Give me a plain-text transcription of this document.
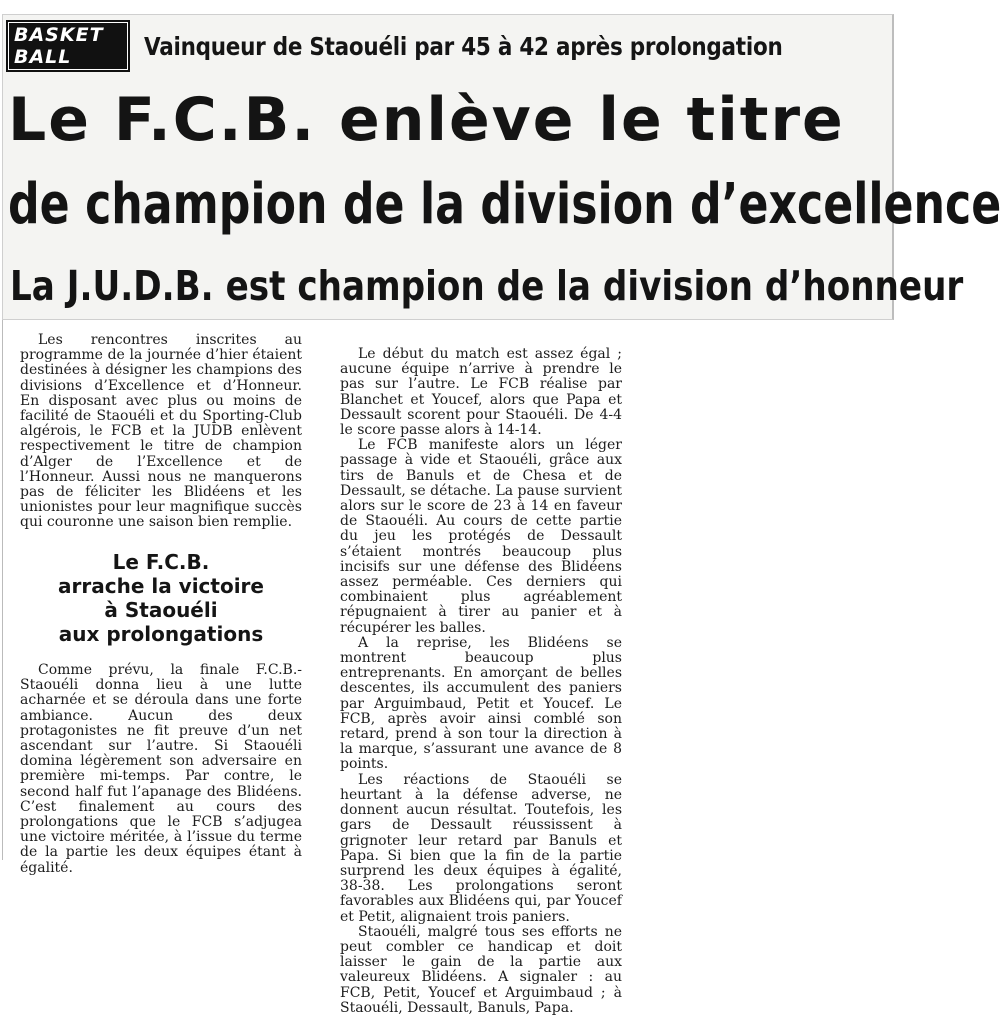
BASKET BALL	Vainqueur de Staouéli par 45 à 42 après prolongation
Le F.C.B. enlève le titre
de champion de la division d’excellence
La J.U.D.B. est champion de la division d’honneur

Les rencontres inscrites au programme de la journée d’hier étaient destinées à désigner les champions des divisions d’Excellence et d’Honneur. En disposant avec plus ou moins de facilité de Staouéli et du Sporting-Club algérois, le FCB et la JUDB enlèvent respectivement le titre de champion d’Alger de l’Excellence et de l’Honneur. Aussi nous ne manquerons pas de féliciter les Blidéens et les unionistes pour leur magnifique succès qui couronne une saison bien remplie.

Le F.C.B.
arrache la victoire
à Staouéli
aux prolongations

Comme prévu, la finale F.C.B.-Staouéli donna lieu à une lutte acharnée et se déroula dans une forte ambiance. Aucun des deux protagonistes ne fit preuve d’un net ascendant sur l’autre. Si Staouéli domina légèrement son adversaire en première mi-temps. Par contre, le second half fut l’apanage des Blidéens. C’est finalement au cours des prolongations que le FCB s’adjugea une victoire méritée, à l’issue du terme de la partie les deux équipes étant à égalité.

Le début du match est assez égal ; aucune équipe n’arrive à prendre le pas sur l’autre. Le FCB réalise par Blanchet et Youcef, alors que Papa et Dessault scorent pour Staouéli. De 4-4 le score passe alors à 14-14.

Le FCB manifeste alors un léger passage à vide et Staouéli, grâce aux tirs de Banuls et de Chesa et de Dessault, se détache. La pause survient alors sur le score de 23 à 14 en faveur de Staouéli. Au cours de cette partie du jeu les protégés de Dessault s’étaient montrés beaucoup plus incisifs sur une défense des Blidéens assez perméable. Ces derniers qui combinaient plus agréablement répugnaient à tirer au panier et à récupérer les balles.

A la reprise, les Blidéens se montrent beaucoup plus entreprenants. En amorçant de belles descentes, ils accumulent des paniers par Arguimbaud, Petit et Youcef. Le FCB, après avoir ainsi comblé son retard, prend à son tour la direction à la marque, s’assurant une avance de 8 points.

Les réactions de Staouéli se heurtant à la défense adverse, ne donnent aucun résultat. Toutefois, les gars de Dessault réussissent à grignoter leur retard par Banuls et Papa. Si bien que la fin de la partie surprend les deux équipes à égalité, 38-38. Les prolongations seront favorables aux Blidéens qui, par Youcef et Petit, alignaient trois paniers.

Staouéli, malgré tous ses efforts ne peut combler ce handicap et doit laisser le gain de la partie aux valeureux Blidéens. A signaler : au FCB, Petit, Youcef et Arguimbaud ; à Staouéli, Dessault, Banuls, Papa.
